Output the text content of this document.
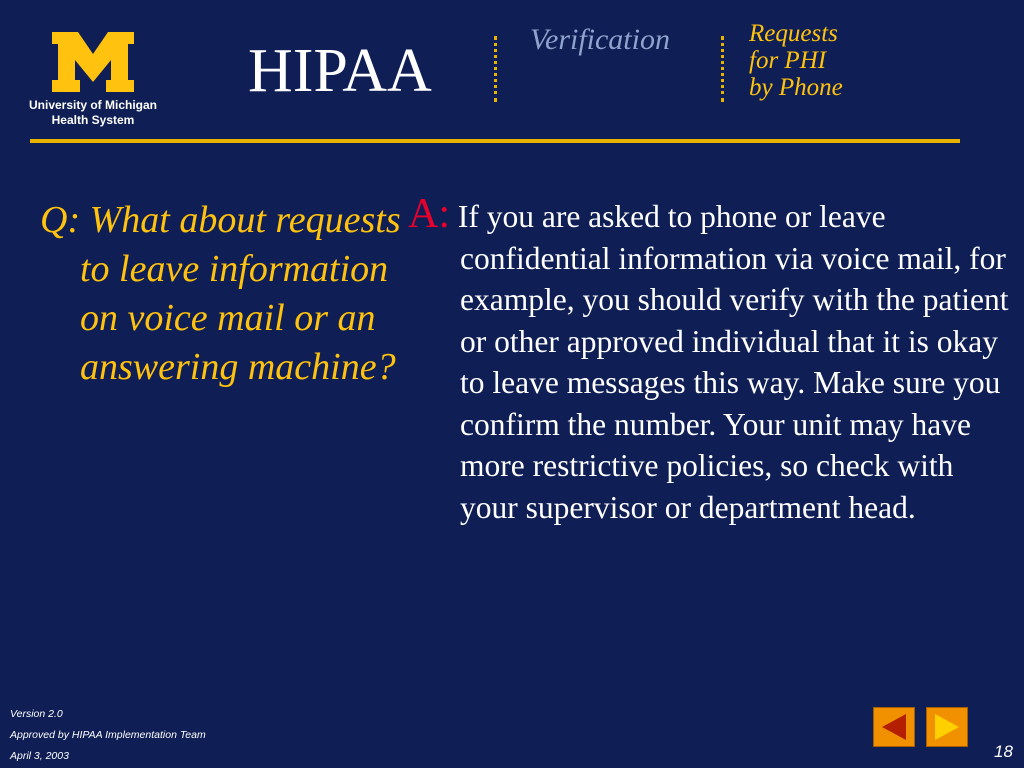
University of Michigan
Health System
HIPAA	Verification	Requests
for PHI
by Phone
Q: What about requests to leave information on voice mail or an answering machine?
A: If you are asked to phone or leave confidential information via voice mail, for example, you should verify with the patient or other approved individual that it is okay to leave messages this way. Make sure you confirm the number. Your unit may have more restrictive policies, so check with your supervisor or department head.
Version 2.0
Approved by HIPAA Implementation Team
April 3, 2003	18
